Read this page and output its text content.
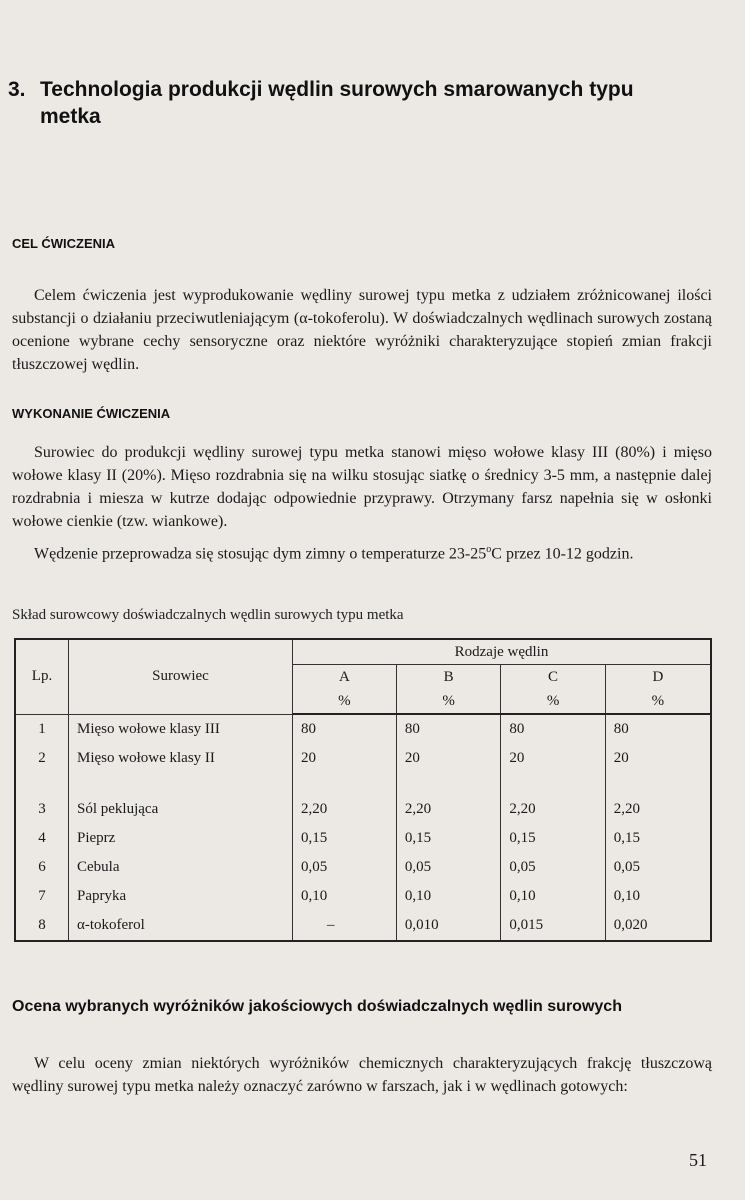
3. Technologia produkcji wędlin surowych smarowanych typu metka
CEL ĆWICZENIA

Celem ćwiczenia jest wyprodukowanie wędliny surowej typu metka z udziałem zróżnicowanej ilości substancji o działaniu przeciwutleniającym (α-tokoferolu). W doświadczalnych wędlinach surowych zostaną ocenione wybrane cechy sensoryczne oraz niektóre wyróżniki charakteryzujące stopień zmian frakcji tłuszczowej wędlin.

WYKONANIE ĆWICZENIA

Surowiec do produkcji wędliny surowej typu metka stanowi mięso wołowe klasy III (80%) i mięso wołowe klasy II (20%). Mięso rozdrabnia się na wilku stosując siatkę o średnicy 3-5 mm, a następnie dalej rozdrabnia i miesza w kutrze dodając odpowiednie przyprawy. Otrzymany farsz napełnia się w osłonki wołowe cienkie (tzw. wiankowe).

Wędzenie przeprowadza się stosując dym zimny o temperaturze 23-25$^o$C przez 10-12 godzin.

Skład surowcowy doświadczalnych wędlin surowych typu metka
Lp.	Surowiec	Rodzaje wędlin			
		A	B	C	D
		%	%	%	%
1	Mięso wołowe klasy III	80	80	80	80
2	Mięso wołowe klasy II	20	20	20	20

3	Sól peklująca	2,20	2,20	2,20	2,20
4	Pieprz	0,15	0,15	0,15	0,15
6	Cebula	0,05	0,05	0,05	0,05
7	Papryka	0,10	0,10	0,10	0,10
8	α-tokoferol	–	0,010	0,015	0,020
Ocena wybranych wyróżników jakościowych doświadczalnych wędlin surowych

W celu oceny zmian niektórych wyróżników chemicznych charakteryzujących frakcję tłuszczową wędliny surowej typu metka należy oznaczyć zarówno w farszach, jak i w wędlinach gotowych:

51
